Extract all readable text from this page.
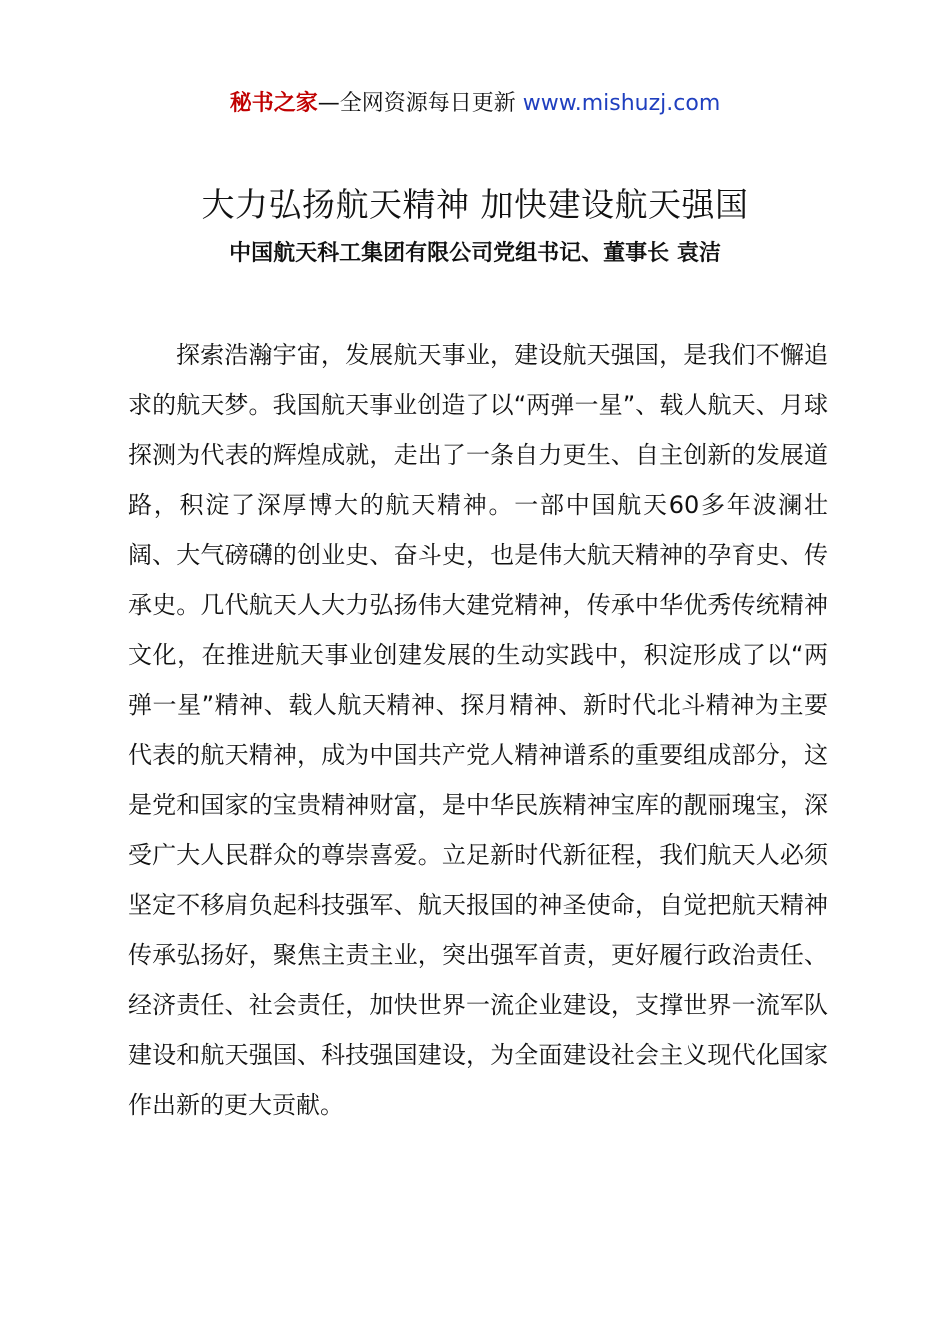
秘书之家—全网资源每日更新 www.mishuzj.com
大力弘扬航天精神 加快建设航天强国
中国航天科工集团有限公司党组书记、董事长 袁洁

探索浩瀚宇宙，发展航天事业，建设航天强国，是我们不懈追求的航天梦。我国航天事业创造了以“两弹一星”、载人航天、月球探测为代表的辉煌成就，走出了一条自力更生、自主创新的发展道路，积淀了深厚博大的航天精神。一部中国航天60多年波澜壮阔、大气磅礴的创业史、奋斗史，也是伟大航天精神的孕育史、传承史。几代航天人大力弘扬伟大建党精神，传承中华优秀传统精神文化，在推进航天事业创建发展的生动实践中，积淀形成了以“两弹一星”精神、载人航天精神、探月精神、新时代北斗精神为主要代表的航天精神，成为中国共产党人精神谱系的重要组成部分，这是党和国家的宝贵精神财富，是中华民族精神宝库的靓丽瑰宝，深受广大人民群众的尊崇喜爱。立足新时代新征程，我们航天人必须坚定不移肩负起科技强军、航天报国的神圣使命，自觉把航天精神传承弘扬好，聚焦主责主业，突出强军首责，更好履行政治责任、经济责任、社会责任，加快世界一流企业建设，支撑世界一流军队建设和航天强国、科技强国建设，为全面建设社会主义现代化国家作出新的更大贡献。
